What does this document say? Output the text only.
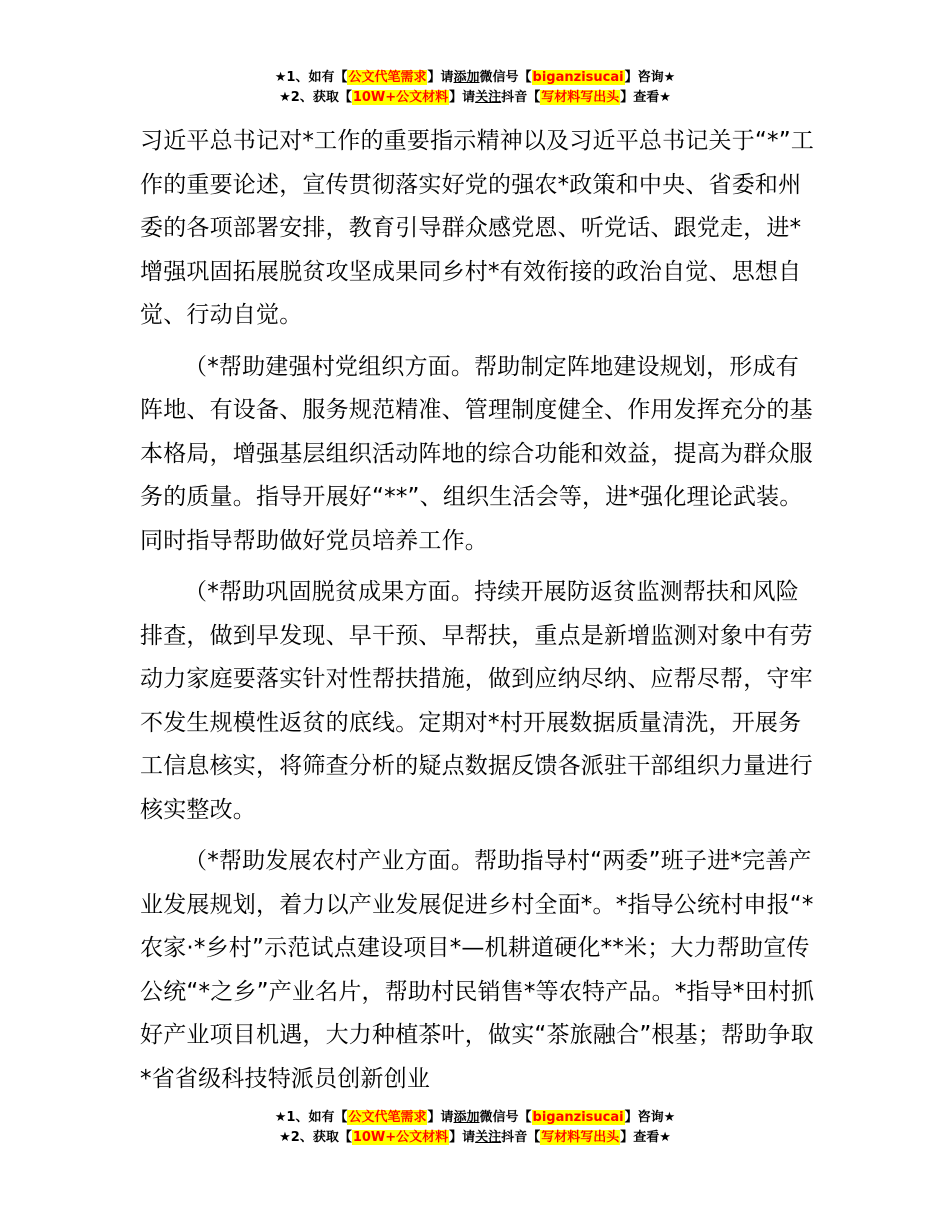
★1、如有【公文代笔需求】请添加微信号【biganzisucai】咨询★
★2、获取【10W+公文材料】请关注抖音【写材料写出头】查看★

习近平总书记对*工作的重要指示精神以及习近平总书记关于“*”工作的重要论述，宣传贯彻落实好党的强农*政策和中央、省委和州委的各项部署安排，教育引导群众感党恩、听党话、跟党走，进*增强巩固拓展脱贫攻坚成果同乡村*有效衔接的政治自觉、思想自觉、行动自觉。

（*帮助建强村党组织方面。帮助制定阵地建设规划，形成有阵地、有设备、服务规范精准、管理制度健全、作用发挥充分的基本格局，增强基层组织活动阵地的综合功能和效益，提高为群众服务的质量。指导开展好“**”、组织生活会等，进*强化理论武装。同时指导帮助做好党员培养工作。

（*帮助巩固脱贫成果方面。持续开展防返贫监测帮扶和风险排查，做到早发现、早干预、早帮扶，重点是新增监测对象中有劳动力家庭要落实针对性帮扶措施，做到应纳尽纳、应帮尽帮，守牢不发生规模性返贫的底线。定期对*村开展数据质量清洗，开展务工信息核实，将筛查分析的疑点数据反馈各派驻干部组织力量进行核实整改。

（*帮助发展农村产业方面。帮助指导村“两委”班子进*完善产业发展规划，着力以产业发展促进乡村全面*。*指导公统村申报“*农家·*乡村”示范试点建设项目*—机耕道硬化**米；大力帮助宣传公统“*之乡”产业名片，帮助村民销售*等农特产品。*指导*田村抓好产业项目机遇，大力种植茶叶，做实“茶旅融合”根基；帮助争取*省省级科技特派员创新创业

★1、如有【公文代笔需求】请添加微信号【biganzisucai】咨询★
★2、获取【10W+公文材料】请关注抖音【写材料写出头】查看★
